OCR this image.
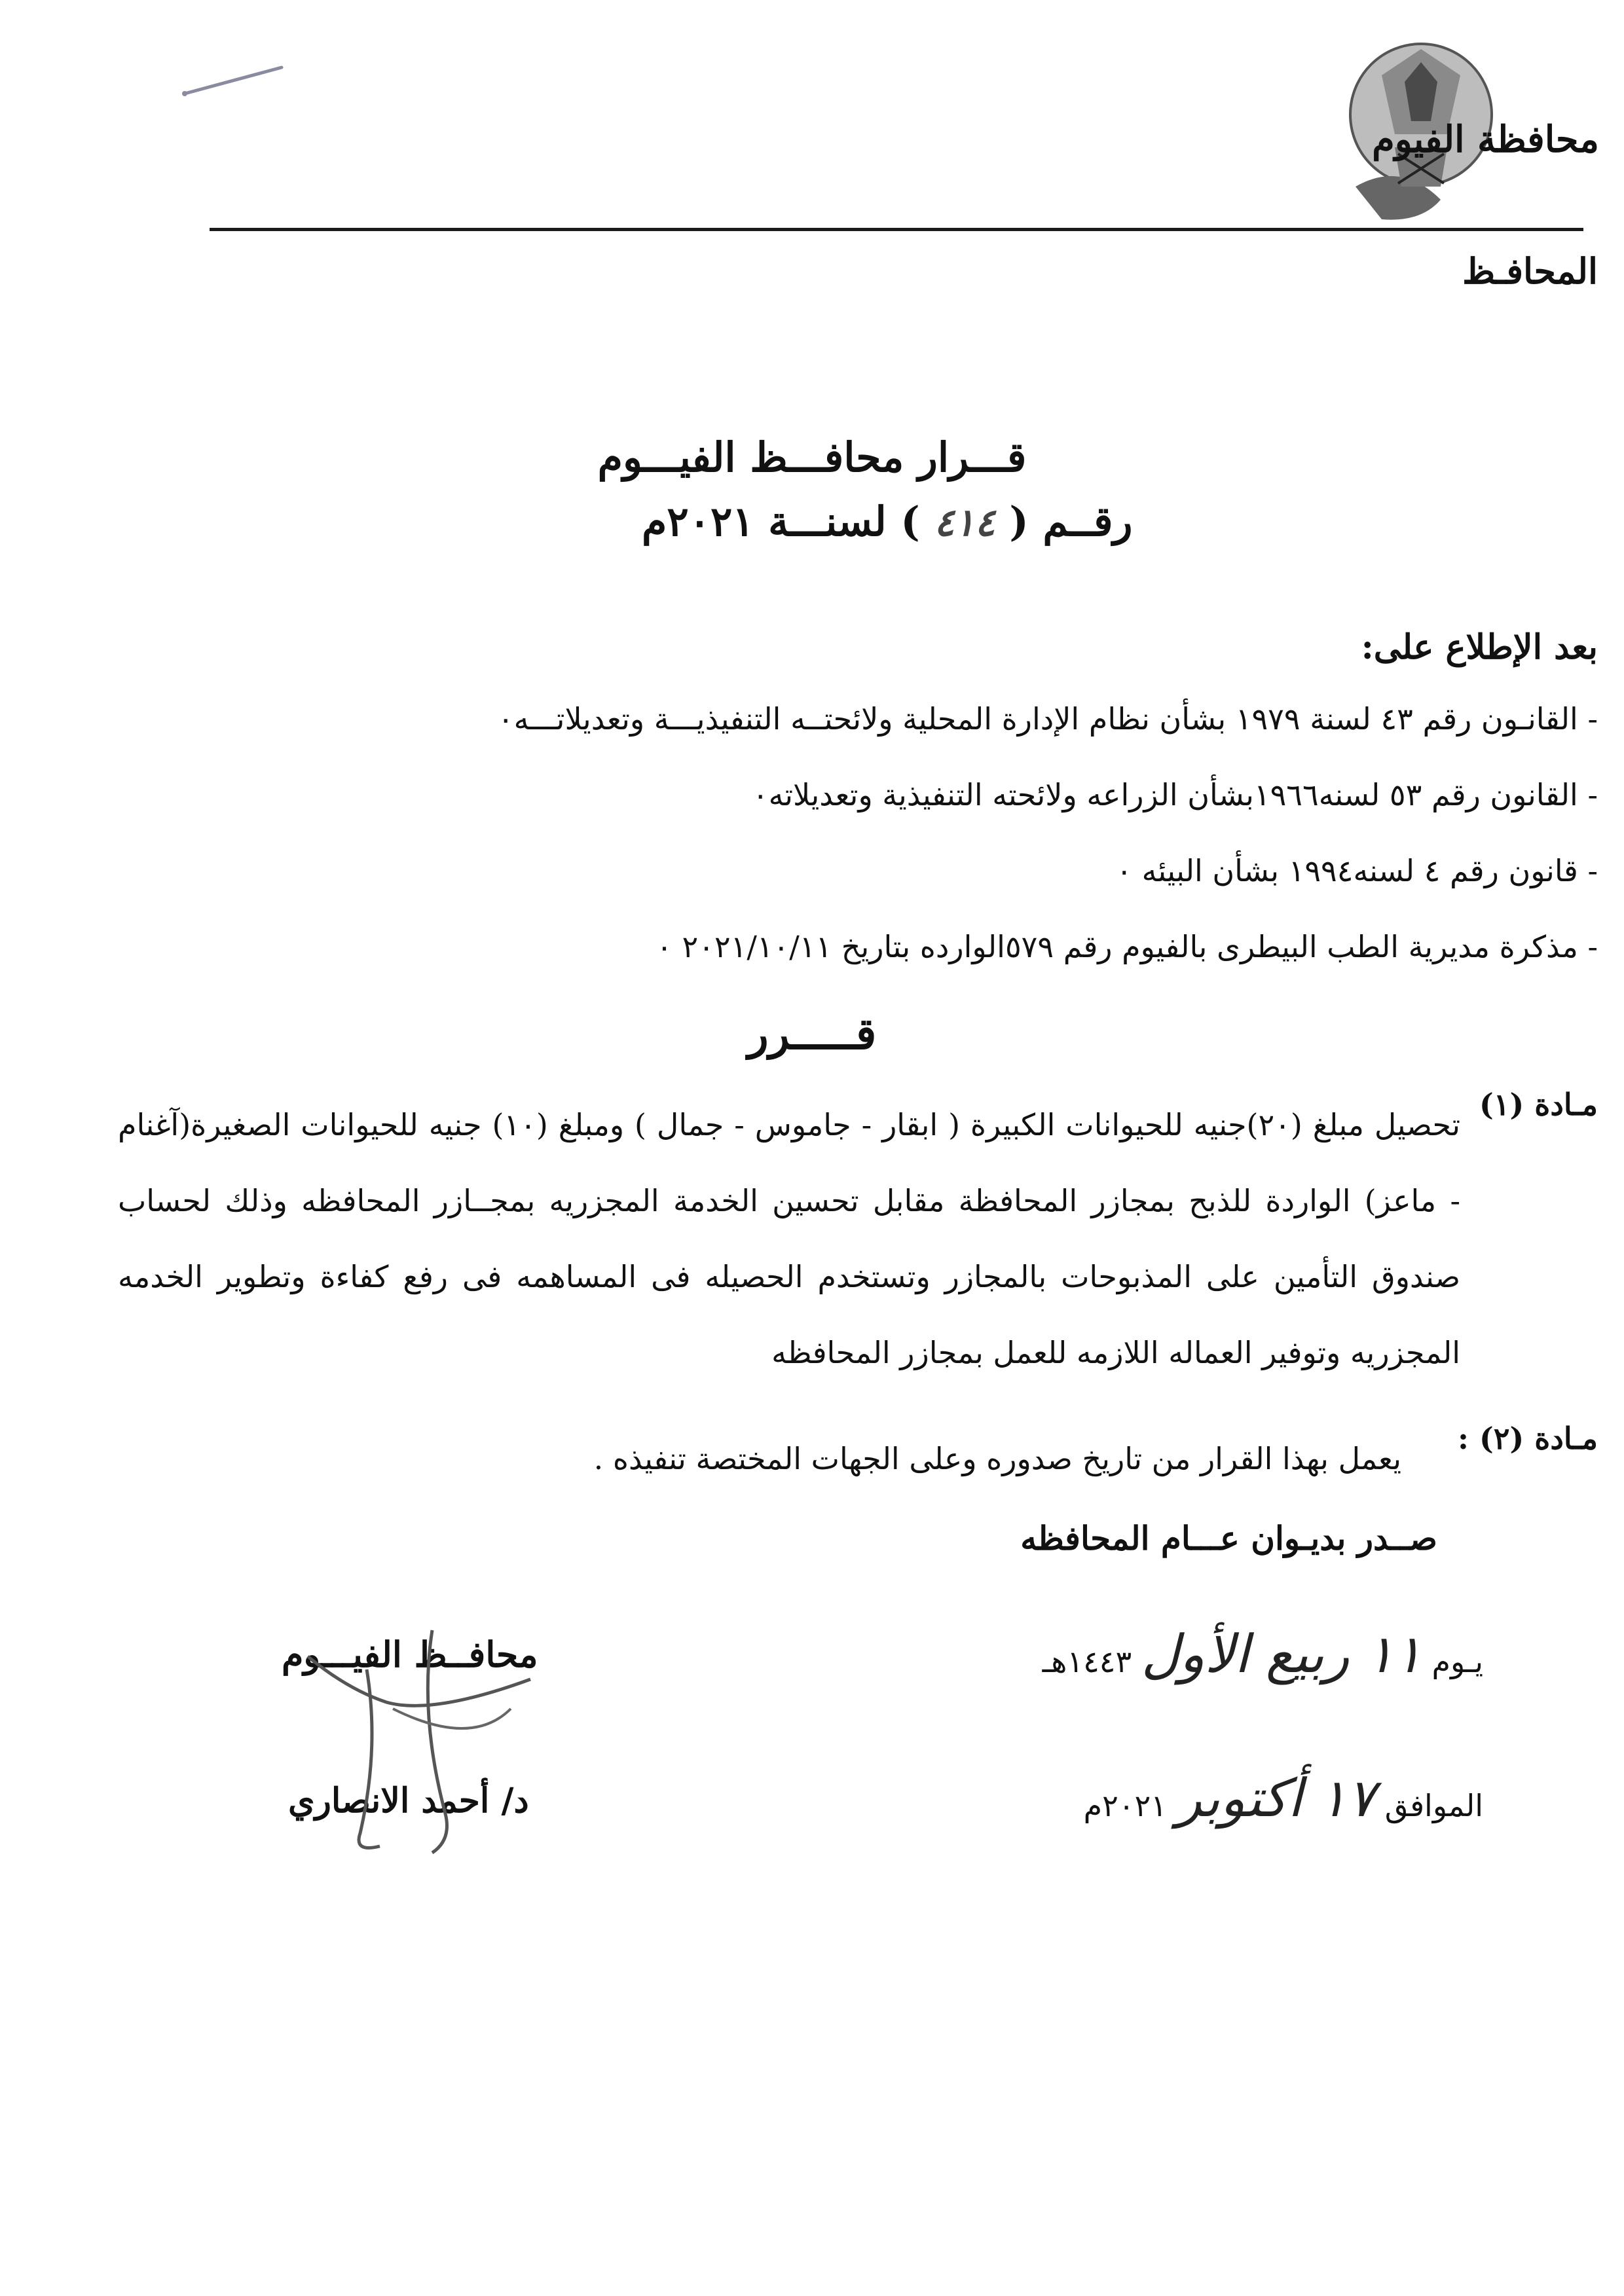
محافظة الفيوم
المحافـظ
قـــرار محافـــظ الفيـــوم
رقــم ( ٤١٤ ) لسنـــة ٢٠٢١م
بعد الإطلاع على:
- القانـون رقم ٤٣ لسنة ١٩٧٩ بشأن نظام الإدارة المحلية ولائحتــه التنفيذيـــة وتعديلاتـــه٠
- القانون رقم ٥٣ لسنه١٩٦٦بشأن الزراعه ولائحته التنفيذية وتعديلاته٠
- قانون رقم ٤ لسنه١٩٩٤ بشأن البيئه ٠
- مذكرة مديرية الطب البيطرى بالفيوم رقم ٥٧٩الوارده بتاريخ ٢٠٢١/١٠/١١ ٠
قـــــرر
مـادة (١)
تحصيل مبلغ (٢٠)جنيه للحيوانات الكبيرة ( ابقار - جاموس - جمال ) ومبلغ (١٠) جنيه للحيوانات الصغيرة(آغنام - ماعز) الواردة للذبح بمجازر المحافظة مقابل تحسين الخدمة المجزريه بمجــازر المحافظه وذلك لحساب صندوق التأمين على المذبوحات بالمجازر وتستخدم الحصيله فى المساهمه فى رفع كفاءة وتطوير الخدمه المجزريه وتوفير العماله اللازمه للعمل بمجازر المحافظه
مـادة (٢) :
يعمل بهذا القرار من تاريخ صدوره وعلى الجهات المختصة تنفيذه .
صــدر بديـوان عـــام المحافظه
يـوم ١١ ربيع الأول ١٤٤٣هـ
الموافق ١٧ أكتوبر ٢٠٢١م
محافــظ الفيـــوم
د/ أحمد الانصاري
